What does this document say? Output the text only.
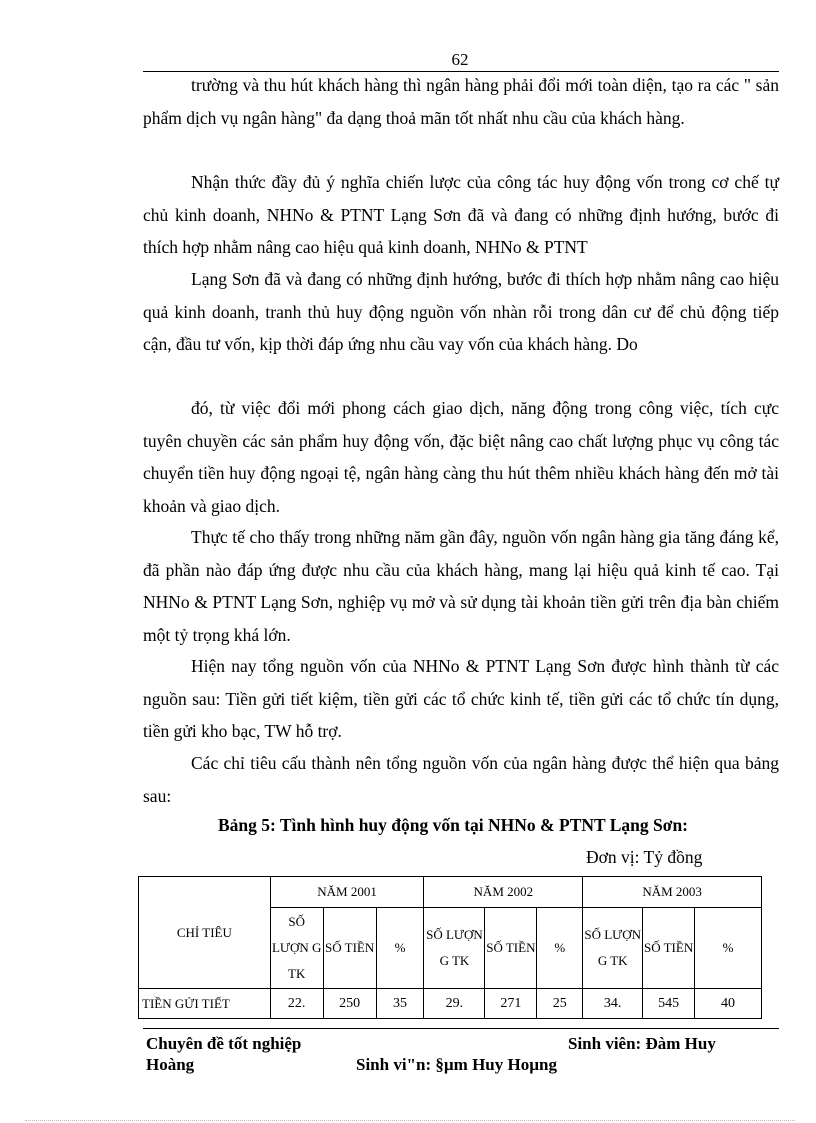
62

trường và thu hút khách hàng thì ngân hàng phải đổi mới toàn diện, tạo ra các " sản phẩm dịch vụ ngân hàng" đa dạng thoả mãn tốt nhất nhu cầu của khách hàng.

Nhận thức đầy đủ ý nghĩa chiến lược của công tác huy động vốn trong cơ chế tự chủ kinh doanh, NHNo & PTNT Lạng Sơn đã và đang có những định hướng, bước đi thích hợp nhằm nâng cao hiệu quả kinh doanh, NHNo & PTNT

Lạng Sơn đã và đang có những định hướng, bước đi thích hợp nhằm nâng cao hiệu quả kinh doanh, tranh thủ huy động nguồn vốn nhàn rỗi trong dân cư để chủ động tiếp cận, đầu tư vốn, kịp thời đáp ứng nhu cầu vay vốn của khách hàng. Do

đó, từ việc đổi mới phong cách giao dịch, năng động trong công việc, tích cực tuyên chuyền các sản phẩm huy động vốn, đặc biệt nâng cao chất lượng phục vụ công tác chuyển tiền huy động ngoại tệ, ngân hàng càng thu hút thêm nhiều khách hàng đến mở tài khoản và giao dịch.

Thực tế cho thấy trong những năm gần đây, nguồn vốn ngân hàng gia tăng đáng kể, đã phần nào đáp ứng được nhu cầu của khách hàng, mang lại hiệu quả kinh tế cao. Tại NHNo & PTNT Lạng Sơn, nghiệp vụ mở và sử dụng tài khoản tiền gửi trên địa bàn chiếm một tỷ trọng khá lớn.

Hiện nay tổng nguồn vốn của NHNo & PTNT Lạng Sơn được hình thành từ các nguồn sau: Tiền gửi tiết kiệm, tiền gửi các tổ chức kinh tế, tiền gửi các tổ chức tín dụng, tiền gửi kho bạc, TW hỗ trợ.

Các chỉ tiêu cấu thành nên tổng nguồn vốn của ngân hàng được thể hiện qua bảng sau:

Bảng 5: Tình hình huy động vốn tại NHNo & PTNT Lạng Sơn:
Đơn vị: Tỷ đồng
CHỈ TIÊU	NĂM 2001			NĂM 2002			NĂM 2003		
	SỐ LƯỢN G TK	SỐ TIỀN	%	SỐ LƯỢN G TK	SỐ TIỀN	%	SỐ LƯỢN G TK	SỐ TIỀN	%
TIỀN GỬI TIẾT	22.	250	35	29.	271	25	34.	545	40
Chuyên đề tốt nghiệp	Sinh viên: Đàm Huy
Hoàng	Sinh vi"n: §µm Huy Hoµng
